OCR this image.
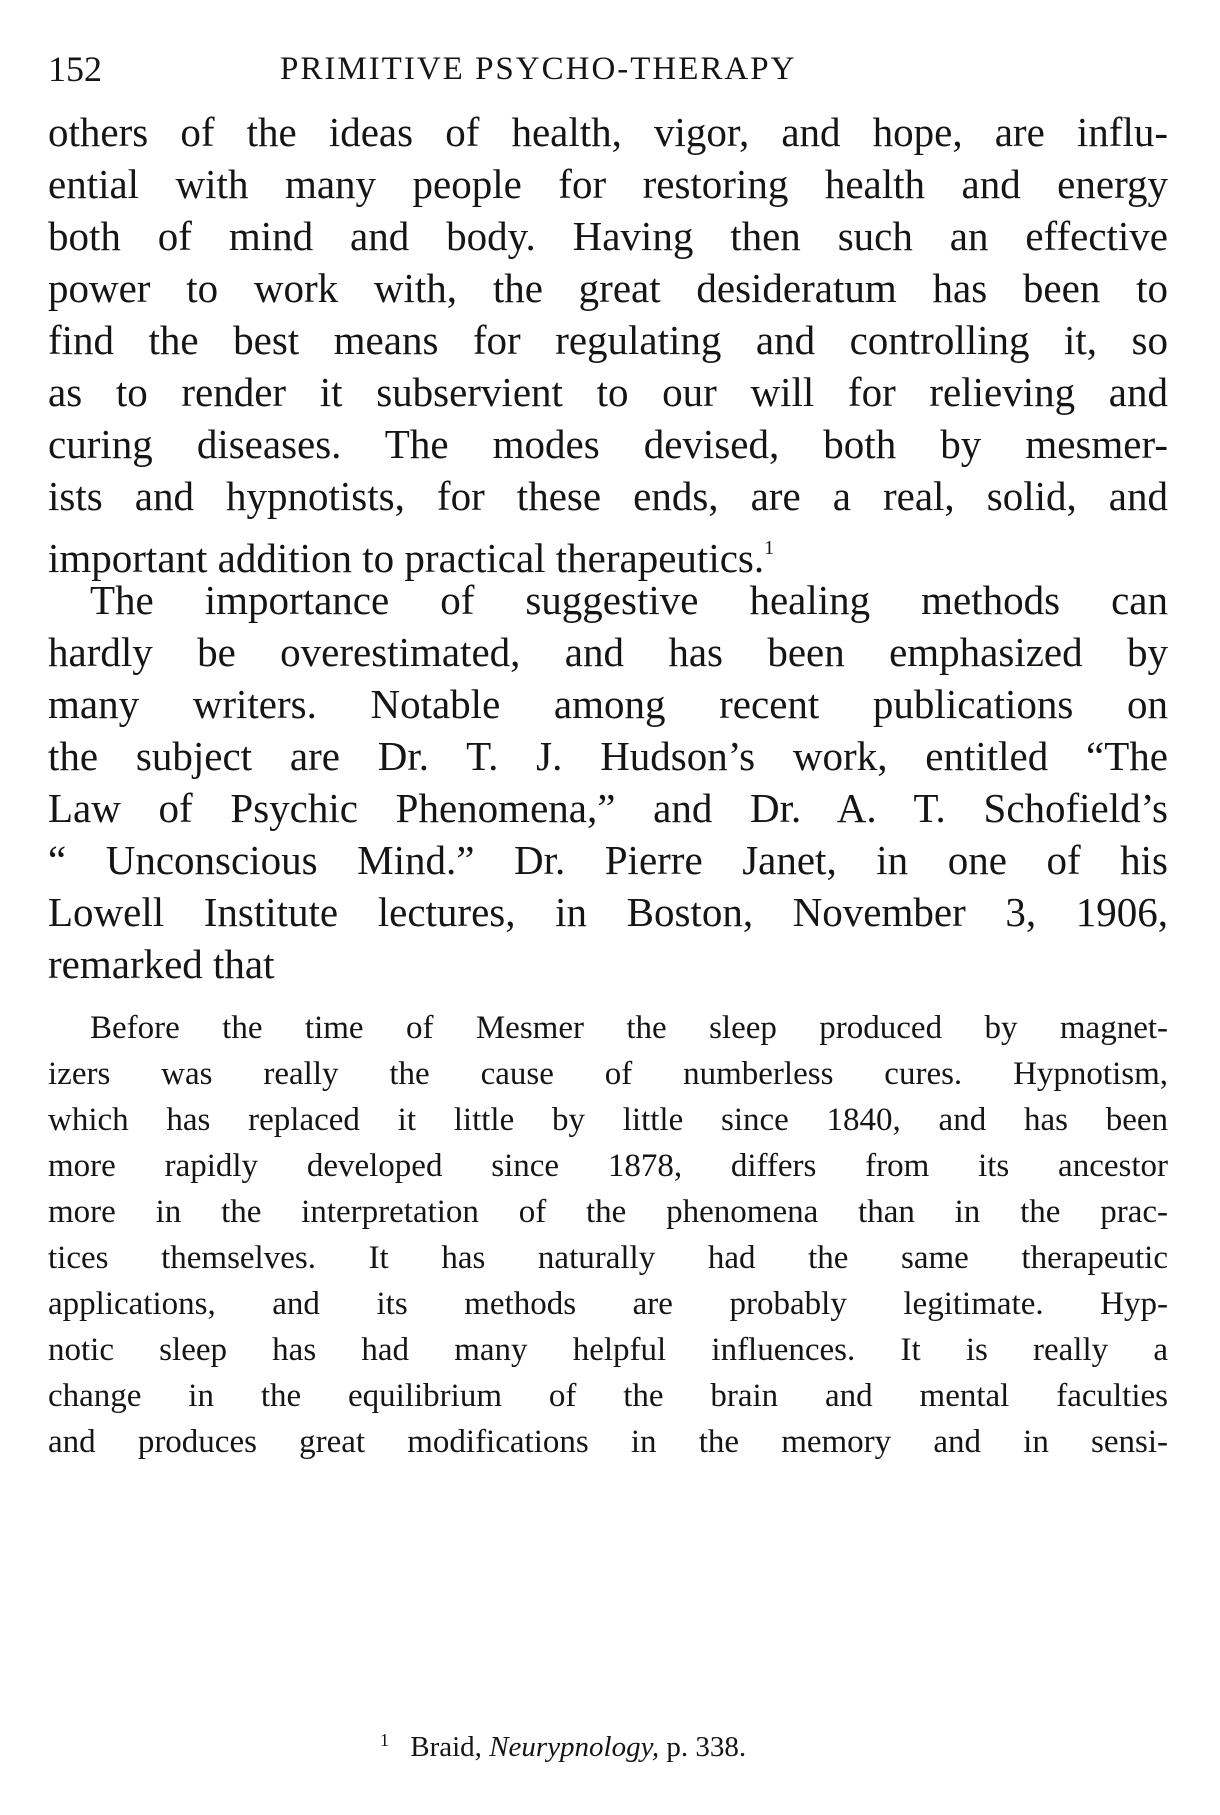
152	PRIMITIVE PSYCHO-THERAPY
others of the ideas of health, vigor, and hope, are influ-
ential with many people for restoring health and energy
both of mind and body. Having then such an effective
power to work with, the great desideratum has been to
find the best means for regulating and controlling it, so
as to render it subservient to our will for relieving and
curing diseases. The modes devised, both by mesmer-
ists and hypnotists, for these ends, are a real, solid, and
important addition to practical therapeutics.$^1$
The importance of suggestive healing methods can
hardly be overestimated, and has been emphasized by
many writers. Notable among recent publications on
the subject are Dr. T. J. Hudson’s work, entitled “The
Law of Psychic Phenomena,” and Dr. A. T. Schofield’s
“ Unconscious Mind.” Dr. Pierre Janet, in one of his
Lowell Institute lectures, in Boston, November 3, 1906,
remarked that
Before the time of Mesmer the sleep produced by magnet-
izers was really the cause of numberless cures. Hypnotism,
which has replaced it little by little since 1840, and has been
more rapidly developed since 1878, differs from its ancestor
more in the interpretation of the phenomena than in the prac-
tices themselves. It has naturally had the same therapeutic
applications, and its methods are probably legitimate. Hyp-
notic sleep has had many helpful influences. It is really a
change in the equilibrium of the brain and mental faculties
and produces great modifications in the memory and in sensi-
$^1$ Braid, Neurypnology, p. 338.
